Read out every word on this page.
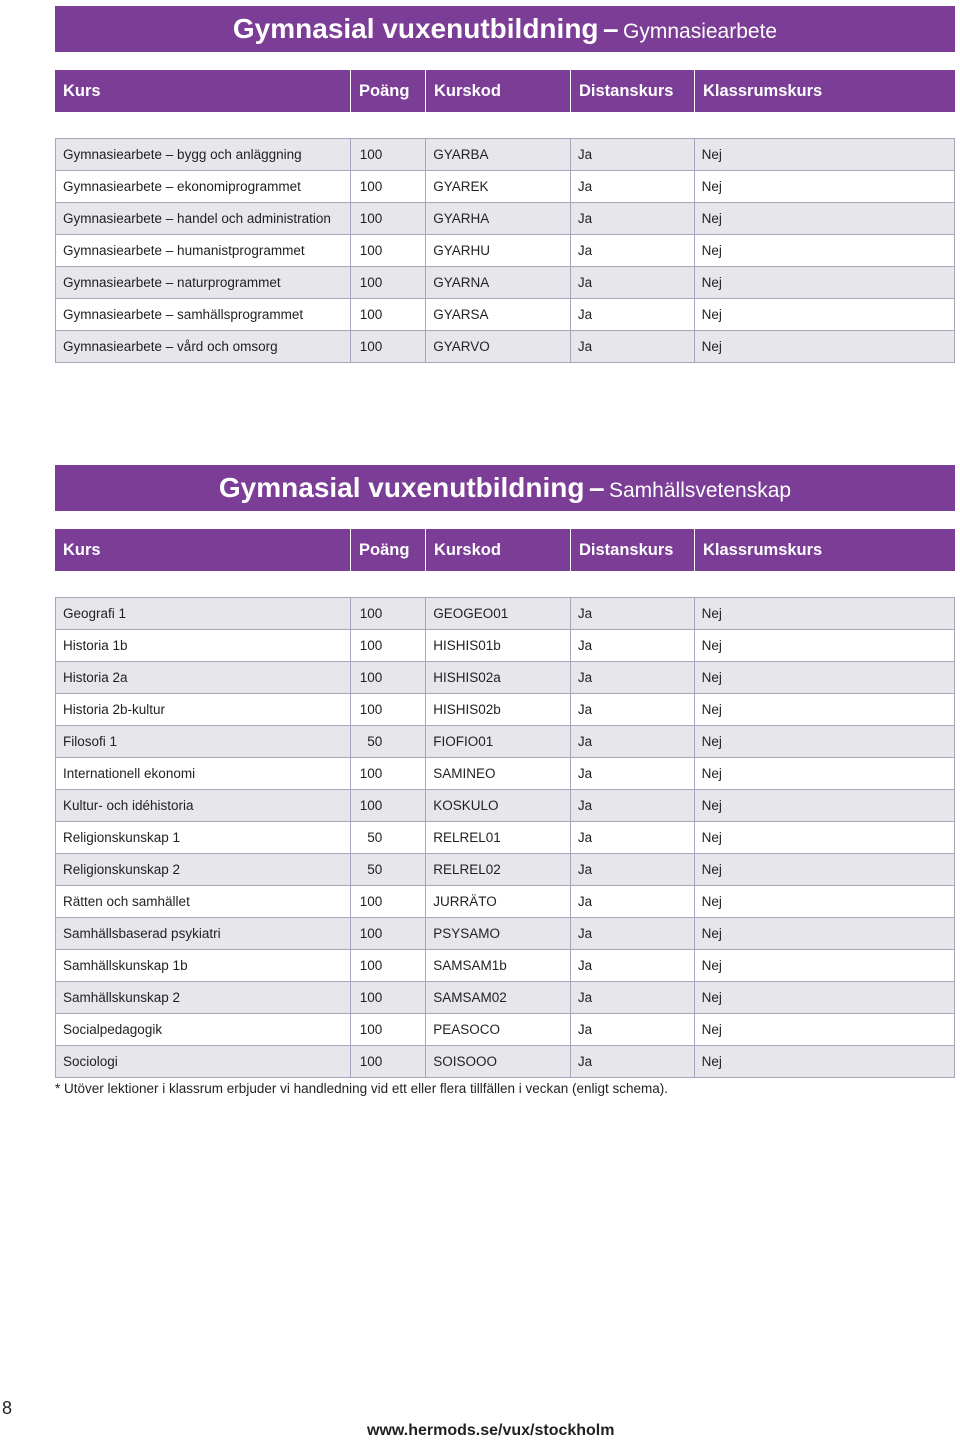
Gymnasial vuxenutbildning – Gymnasiearbete
Kurs	Poäng	Kurskod	Distanskurs	Klassrumskurs
Gymnasiearbete – bygg och anläggning	100	GYARBA	Ja	Nej
Gymnasiearbete – ekonomiprogrammet	100	GYAREK	Ja	Nej
Gymnasiearbete – handel och administration	100	GYARHA	Ja	Nej
Gymnasiearbete – humanistprogrammet	100	GYARHU	Ja	Nej
Gymnasiearbete – naturprogrammet	100	GYARNA	Ja	Nej
Gymnasiearbete – samhällsprogrammet	100	GYARSA	Ja	Nej
Gymnasiearbete – vård och omsorg	100	GYARVO	Ja	Nej
Gymnasial vuxenutbildning – Samhällsvetenskap
Kurs	Poäng	Kurskod	Distanskurs	Klassrumskurs
Geografi 1	100	GEOGEO01	Ja	Nej
Historia 1b	100	HISHIS01b	Ja	Nej
Historia 2a	100	HISHIS02a	Ja	Nej
Historia 2b-kultur	100	HISHIS02b	Ja	Nej
Filosofi 1	50	FIOFIO01	Ja	Nej
Internationell ekonomi	100	SAMINEO	Ja	Nej
Kultur- och idéhistoria	100	KOSKULO	Ja	Nej
Religionskunskap 1	50	RELREL01	Ja	Nej
Religionskunskap 2	50	RELREL02	Ja	Nej
Rätten och samhället	100	JURRÄTO	Ja	Nej
Samhällsbaserad psykiatri	100	PSYSAMO	Ja	Nej
Samhällskunskap 1b	100	SAMSAM1b	Ja	Nej
Samhällskunskap 2	100	SAMSAM02	Ja	Nej
Socialpedagogik	100	PEASOCO	Ja	Nej
Sociologi	100	SOISOOO	Ja	Nej
* Utöver lektioner i klassrum erbjuder vi handledning vid ett eller flera tillfällen i veckan (enligt schema).
8
www.hermods.se/vux/stockholm
